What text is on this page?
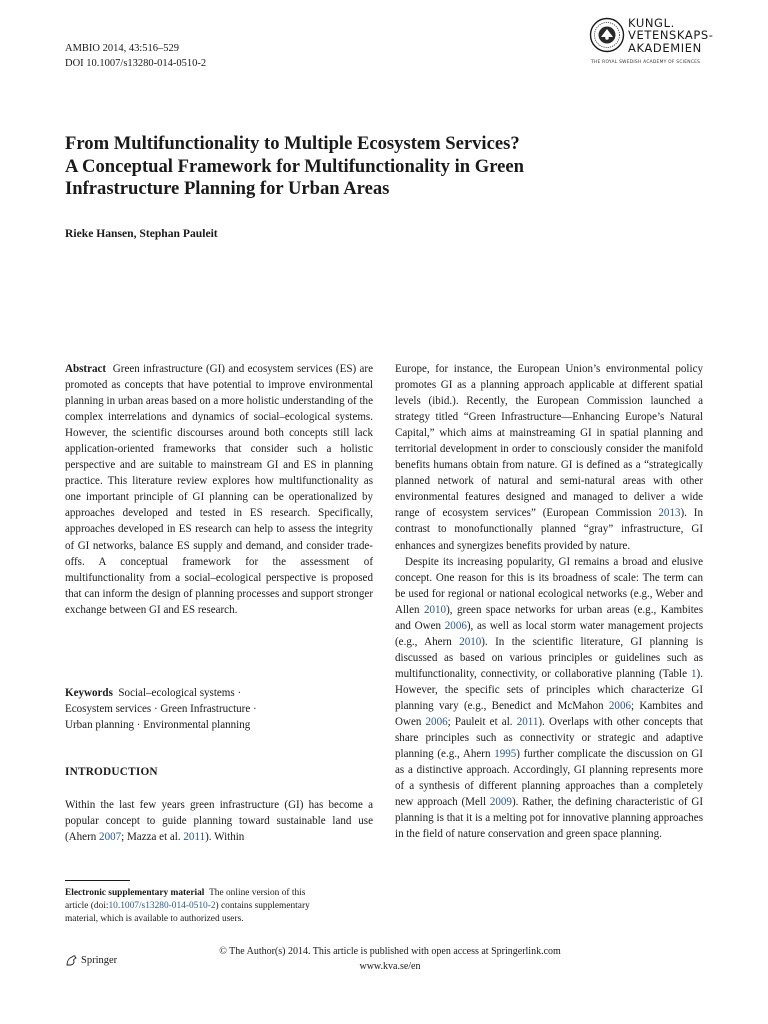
AMBIO 2014, 43:516–529
DOI 10.1007/s13280-014-0510-2
KUNGL.
VETENSKAPS-
AKADEMIEN
THE ROYAL SWEDISH ACADEMY OF SCIENCES
From Multifunctionality to Multiple Ecosystem Services?
A Conceptual Framework for Multifunctionality in Green
Infrastructure Planning for Urban Areas
Rieke Hansen, Stephan Pauleit

Abstract Green infrastructure (GI) and ecosystem services (ES) are promoted as concepts that have potential to improve environmental planning in urban areas based on a more holistic understanding of the complex interrelations and dynamics of social–ecological systems. However, the scientific discourses around both concepts still lack application-oriented frameworks that consider such a holistic perspective and are suitable to mainstream GI and ES in planning practice. This literature review explores how multifunctionality as one important principle of GI planning can be operationalized by approaches developed and tested in ES research. Specifically, approaches developed in ES research can help to assess the integrity of GI networks, balance ES supply and demand, and consider trade-offs. A conceptual framework for the assessment of multifunctionality from a social–ecological perspective is proposed that can inform the design of planning processes and support stronger exchange between GI and ES research.

Keywords Social–ecological systems ·
Ecosystem services · Green Infrastructure ·
Urban planning · Environmental planning
INTRODUCTION

Within the last few years green infrastructure (GI) has become a popular concept to guide planning toward sustainable land use (Ahern 2007; Mazza et al. 2011). Within

Electronic supplementary material The online version of this
article (doi:10.1007/s13280-014-0510-2) contains supplementary
material, which is available to authorized users.

Europe, for instance, the European Union’s environmental policy promotes GI as a planning approach applicable at different spatial levels (ibid.). Recently, the European Commission launched a strategy titled “Green Infrastructure—Enhancing Europe’s Natural Capital,” which aims at mainstreaming GI in spatial planning and territorial development in order to consciously consider the manifold benefits humans obtain from nature. GI is defined as a “strategically planned network of natural and semi-natural areas with other environmental features designed and managed to deliver a wide range of ecosystem services” (European Commission 2013). In contrast to monofunctionally planned “gray” infrastructure, GI enhances and synergizes benefits provided by nature.

Despite its increasing popularity, GI remains a broad and elusive concept. One reason for this is its broadness of scale: The term can be used for regional or national ecological networks (e.g., Weber and Allen 2010), green space networks for urban areas (e.g., Kambites and Owen 2006), as well as local storm water management projects (e.g., Ahern 2010). In the scientific literature, GI planning is discussed as based on various principles or guidelines such as multifunctionality, connectivity, or collaborative planning (Table 1). However, the specific sets of principles which characterize GI planning vary (e.g., Benedict and McMahon 2006; Kambites and Owen 2006; Pauleit et al. 2011). Overlaps with other concepts that share principles such as connectivity or strategic and adaptive planning (e.g., Ahern 1995) further complicate the discussion on GI as a distinctive approach. Accordingly, GI planning represents more of a synthesis of different planning approaches than a completely new approach (Mell 2009). Rather, the defining characteristic of GI planning is that it is a melting pot for innovative planning approaches in the field of nature conservation and green space planning.

Springer
© The Author(s) 2014. This article is published with open access at Springerlink.com
www.kva.se/en
